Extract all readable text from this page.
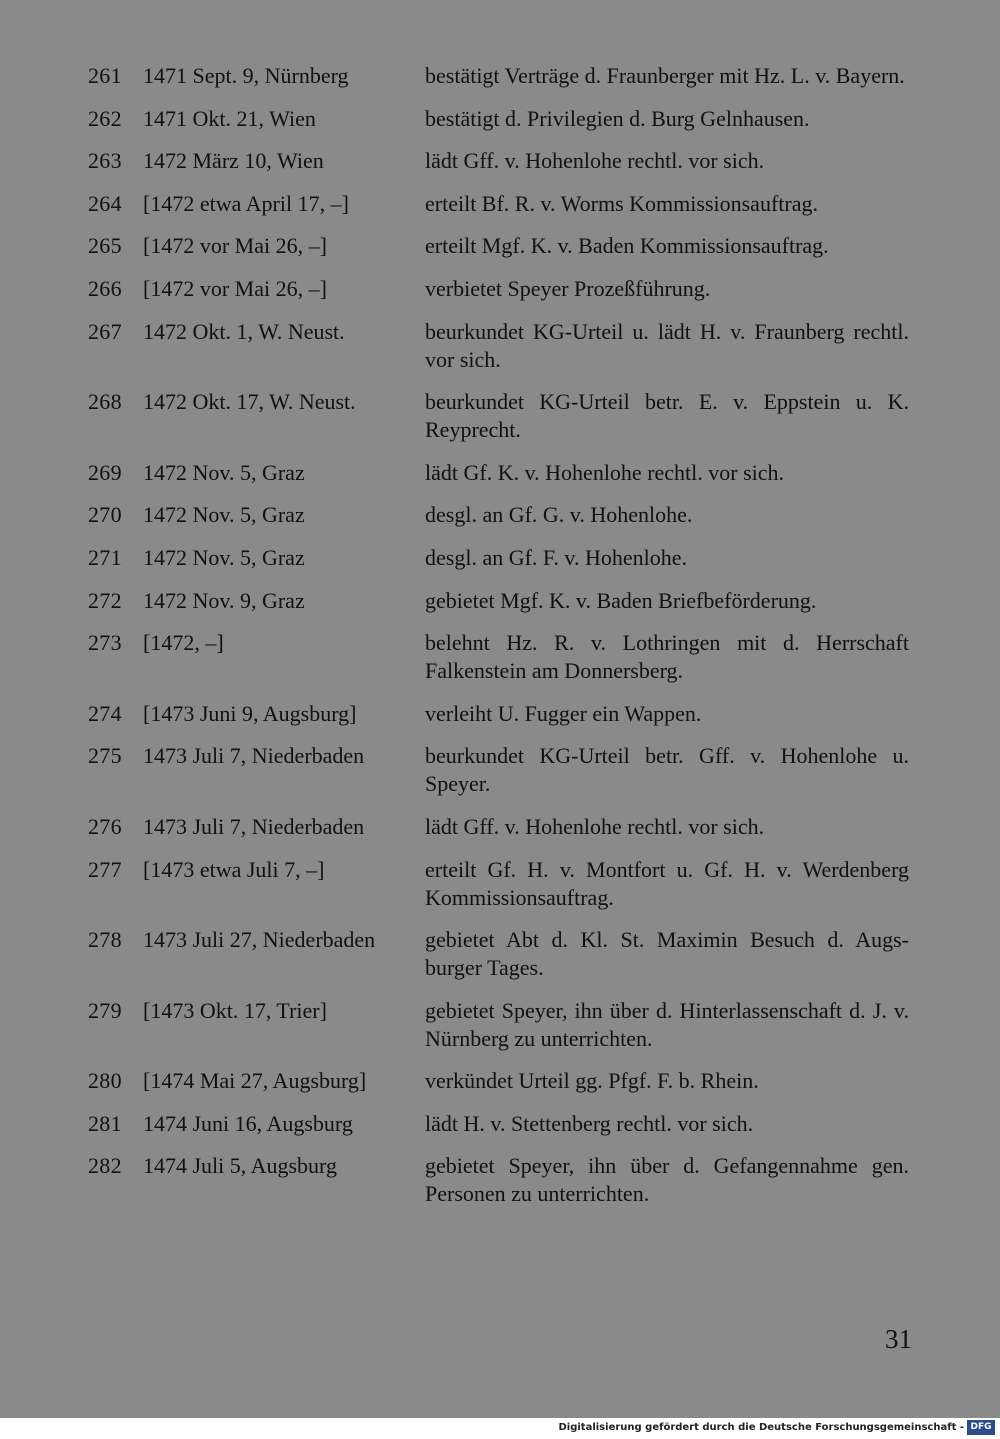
261 1471 Sept. 9, Nürnberg	bestätigt Verträge d. Fraunberger mit Hz. L. v. Bayern.
262 1471 Okt. 21, Wien	bestätigt d. Privilegien d. Burg Gelnhausen.
263 1472 März 10, Wien	lädt Gff. v. Hohenlohe rechtl. vor sich.
264 [1472 etwa April 17, –]	erteilt Bf. R. v. Worms Kommissionsauftrag.
265 [1472 vor Mai 26, –]	erteilt Mgf. K. v. Baden Kommissionsauftrag.
266 [1472 vor Mai 26, –]	verbietet Speyer Prozeßführung.
267 1472 Okt. 1, W. Neust.	beurkundet KG-Urteil u. lädt H. v. Fraunberg rechtl. vor sich.
268 1472 Okt. 17, W. Neust.	beurkundet KG-Urteil betr. E. v. Eppstein u. K. Reyprecht.
269 1472 Nov. 5, Graz	lädt Gf. K. v. Hohenlohe rechtl. vor sich.
270 1472 Nov. 5, Graz	desgl. an Gf. G. v. Hohenlohe.
271 1472 Nov. 5, Graz	desgl. an Gf. F. v. Hohenlohe.
272 1472 Nov. 9, Graz	gebietet Mgf. K. v. Baden Briefbeförderung.
273 [1472, –]	belehnt Hz. R. v. Lothringen mit d. Herrschaft Falkenstein am Donnersberg.
274 [1473 Juni 9, Augsburg]	verleiht U. Fugger ein Wappen.
275 1473 Juli 7, Niederbaden	beurkundet KG-Urteil betr. Gff. v. Hohenlohe u. Speyer.
276 1473 Juli 7, Niederbaden	lädt Gff. v. Hohenlohe rechtl. vor sich.
277 [1473 etwa Juli 7, –]	erteilt Gf. H. v. Montfort u. Gf. H. v. Werdenberg Kommissionsauftrag.
278 1473 Juli 27, Niederbaden	gebietet Abt d. Kl. St. Maximin Besuch d. Augs-burger Tages.
279 [1473 Okt. 17, Trier]	gebietet Speyer, ihn über d. Hinterlassenschaft d. J. v. Nürnberg zu unterrichten.
280 [1474 Mai 27, Augsburg]	verkündet Urteil gg. Pfgf. F. b. Rhein.
281 1474 Juni 16, Augsburg	lädt H. v. Stettenberg rechtl. vor sich.
282 1474 Juli 5, Augsburg	gebietet Speyer, ihn über d. Gefangennahme gen. Personen zu unterrichten.
31
Digitalisierung gefördert durch die Deutsche Forschungsgemeinschaft - DFG
